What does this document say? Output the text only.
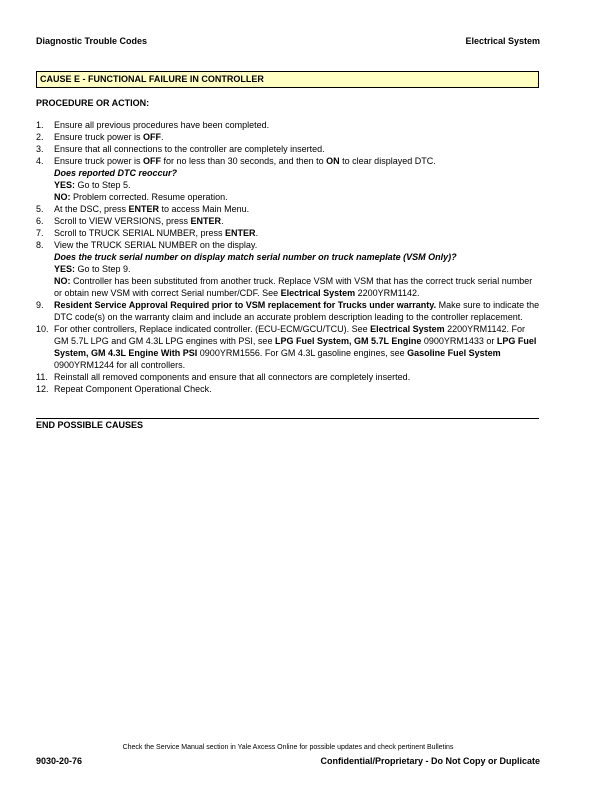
Diagnostic Trouble Codes	Electrical System
CAUSE E - FUNCTIONAL FAILURE IN CONTROLLER
PROCEDURE OR ACTION:
1.	Ensure all previous procedures have been completed.
2.	Ensure truck power is OFF.
3.	Ensure that all connections to the controller are completely inserted.
4.	Ensure truck power is OFF for no less than 30 seconds, and then to ON to clear displayed DTC.
Does reported DTC reoccur?
YES: Go to Step 5.
NO: Problem corrected. Resume operation.
5.	At the DSC, press ENTER to access Main Menu.
6.	Scroll to VIEW VERSIONS, press ENTER.
7.	Scroll to TRUCK SERIAL NUMBER, press ENTER.
8.	View the TRUCK SERIAL NUMBER on the display.
Does the truck serial number on display match serial number on truck nameplate (VSM Only)?
YES: Go to Step 9.
NO: Controller has been substituted from another truck. Replace VSM with VSM that has the correct truck serial number or obtain new VSM with correct Serial number/CDF. See Electrical System 2200YRM1142.
9.	Resident Service Approval Required prior to VSM replacement for Trucks under warranty. Make sure to indicate the DTC code(s) on the warranty claim and include an accurate problem description leading to the controller replacement.
10. For other controllers, Replace indicated controller. (ECU-ECM/GCU/TCU). See Electrical System 2200YRM1142. For GM 5.7L LPG and GM 4.3L LPG engines with PSI, see LPG Fuel System, GM 5.7L Engine 0900YRM1433 or LPG Fuel System, GM 4.3L Engine With PSI 0900YRM1556. For GM 4.3L gasoline engines, see Gasoline Fuel System 0900YRM1244 for all controllers.
11. Reinstall all removed components and ensure that all connectors are completely inserted.
12. Repeat Component Operational Check.
END POSSIBLE CAUSES
Check the Service Manual section in Yale Axcess Online for possible updates and check pertinent Bulletins
9030-20-76	Confidential/Proprietary - Do Not Copy or Duplicate
